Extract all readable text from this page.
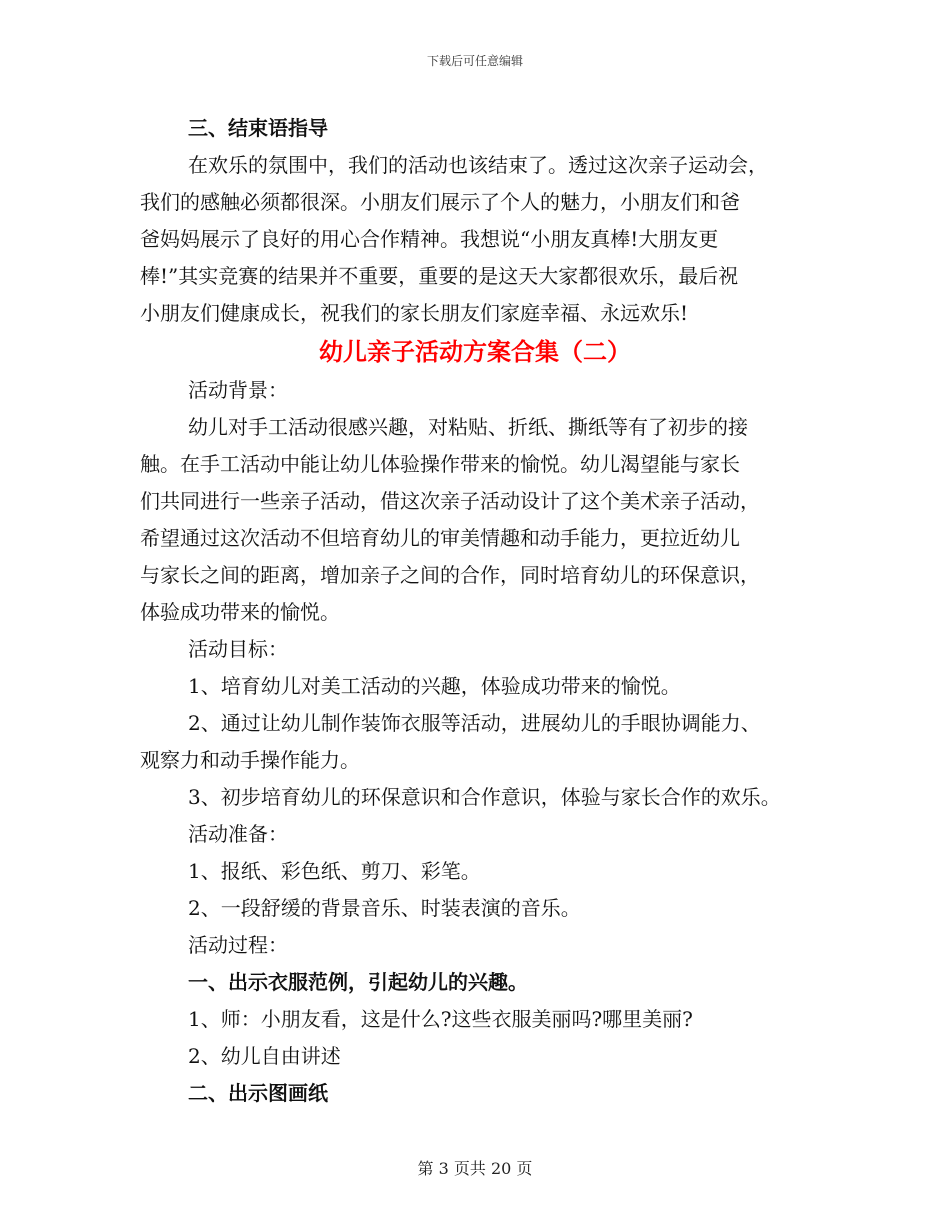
下载后可任意编辑
三、结束语指导
在欢乐的氛围中，我们的活动也该结束了。透过这次亲子运动会，
我们的感触必须都很深。小朋友们展示了个人的魅力，小朋友们和爸
爸妈妈展示了良好的用心合作精神。我想说“小朋友真棒!大朋友更
棒!”其实竞赛的结果并不重要，重要的是这天大家都很欢乐，最后祝
小朋友们健康成长，祝我们的家长朋友们家庭幸福、永远欢乐!
幼儿亲子活动方案合集（二）
活动背景：
幼儿对手工活动很感兴趣，对粘贴、折纸、撕纸等有了初步的接
触。在手工活动中能让幼儿体验操作带来的愉悦。幼儿渴望能与家长
们共同进行一些亲子活动，借这次亲子活动设计了这个美术亲子活动，
希望通过这次活动不但培育幼儿的审美情趣和动手能力，更拉近幼儿
与家长之间的距离，增加亲子之间的合作，同时培育幼儿的环保意识，
体验成功带来的愉悦。
活动目标：
1、培育幼儿对美工活动的兴趣，体验成功带来的愉悦。
2、通过让幼儿制作装饰衣服等活动，进展幼儿的手眼协调能力、
观察力和动手操作能力。
3、初步培育幼儿的环保意识和合作意识，体验与家长合作的欢乐。
活动准备：
1、报纸、彩色纸、剪刀、彩笔。
2、一段舒缓的背景音乐、时装表演的音乐。
活动过程：
一、出示衣服范例，引起幼儿的兴趣。
1、师：小朋友看，这是什么?这些衣服美丽吗?哪里美丽?
2、幼儿自由讲述
二、出示图画纸
第 3 页共 20 页
